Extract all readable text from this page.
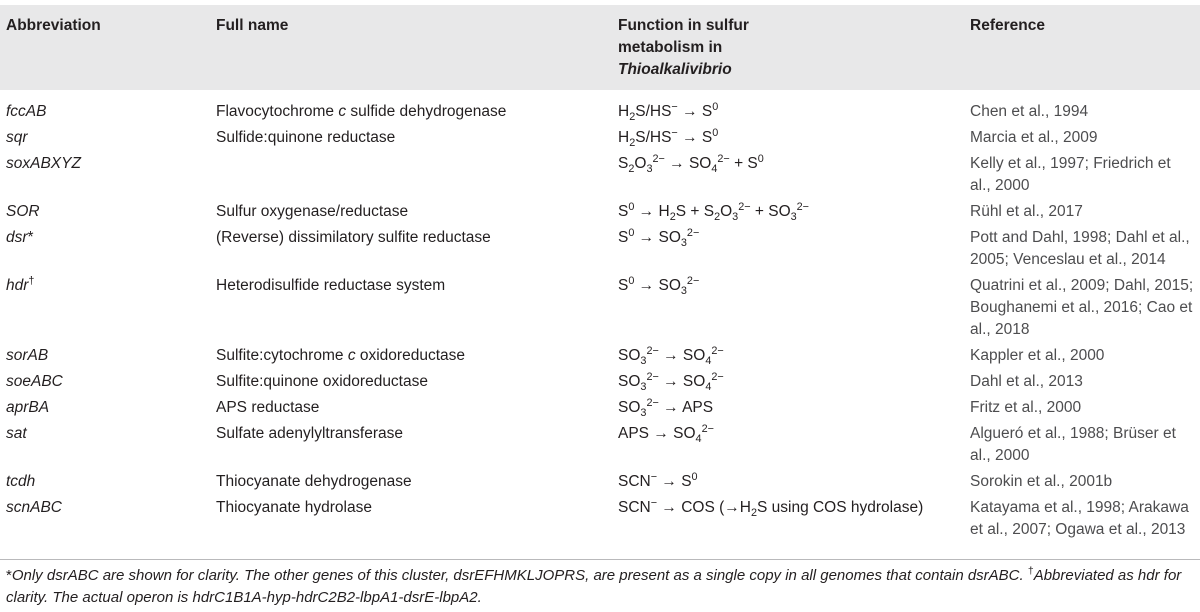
Abbreviation	Full name	Function in sulfur
metabolism in
Thioalkalivibrio	Reference
fccAB	Flavocytochrome c sulfide dehydrogenase	$H_2S/HS^- \to S^0$	Chen et al., 1994

sqr	Sulfide:quinone reductase	$H_2S/HS^- \to S^0$	Marcia et al., 2009

soxABXYZ		$S_2O_3^{2-} \to SO_4^{2-} + S^0$	Kelly et al., 1997; Friedrich et al., 2000

SOR	Sulfur oxygenase/reductase	$S^0 \to H_2S + S_2O_3^{2-} + SO_3^{2-}$	Rühl et al., 2017

dsr*	(Reverse) dissimilatory sulfite reductase	$S^0 \to SO_3^{2-}$	Pott and Dahl, 1998; Dahl et al., 2005; Venceslau et al., 2014

hdr†	Heterodisulfide reductase system	$S^0 \to SO_3^{2-}$	Quatrini et al., 2009; Dahl, 2015; Boughanemi et al., 2016; Cao et al., 2018

sorAB	Sulfite:cytochrome c oxidoreductase	$SO_3^{2-} \to SO_4^{2-}$	Kappler et al., 2000

soeABC	Sulfite:quinone oxidoreductase	$SO_3^{2-} \to SO_4^{2-}$	Dahl et al., 2013

aprBA	APS reductase	$SO_3^{2-}$ → APS	Fritz et al., 2000

sat	Sulfate adenylyltransferase	APS → $SO_4^{2-}$	Algueró et al., 1988; Brüser et al., 2000

tcdh	Thiocyanate dehydrogenase	$SCN^- \to S^0$	Sorokin et al., 2001b

scnABC	Thiocyanate hydrolase	SCN− → COS ($\to H_2S$ using COS hydrolase)	Katayama et al., 1998; Arakawa et al., 2007; Ogawa et al., 2013
*Only dsrABC are shown for clarity. The other genes of this cluster, dsrEFHMKLJOPRS, are present as a single copy in all genomes that contain dsrABC. †Abbreviated as hdr for clarity. The actual operon is hdrC1B1A-hyp-hdrC2B2-lbpA1-dsrE-lbpA2.
